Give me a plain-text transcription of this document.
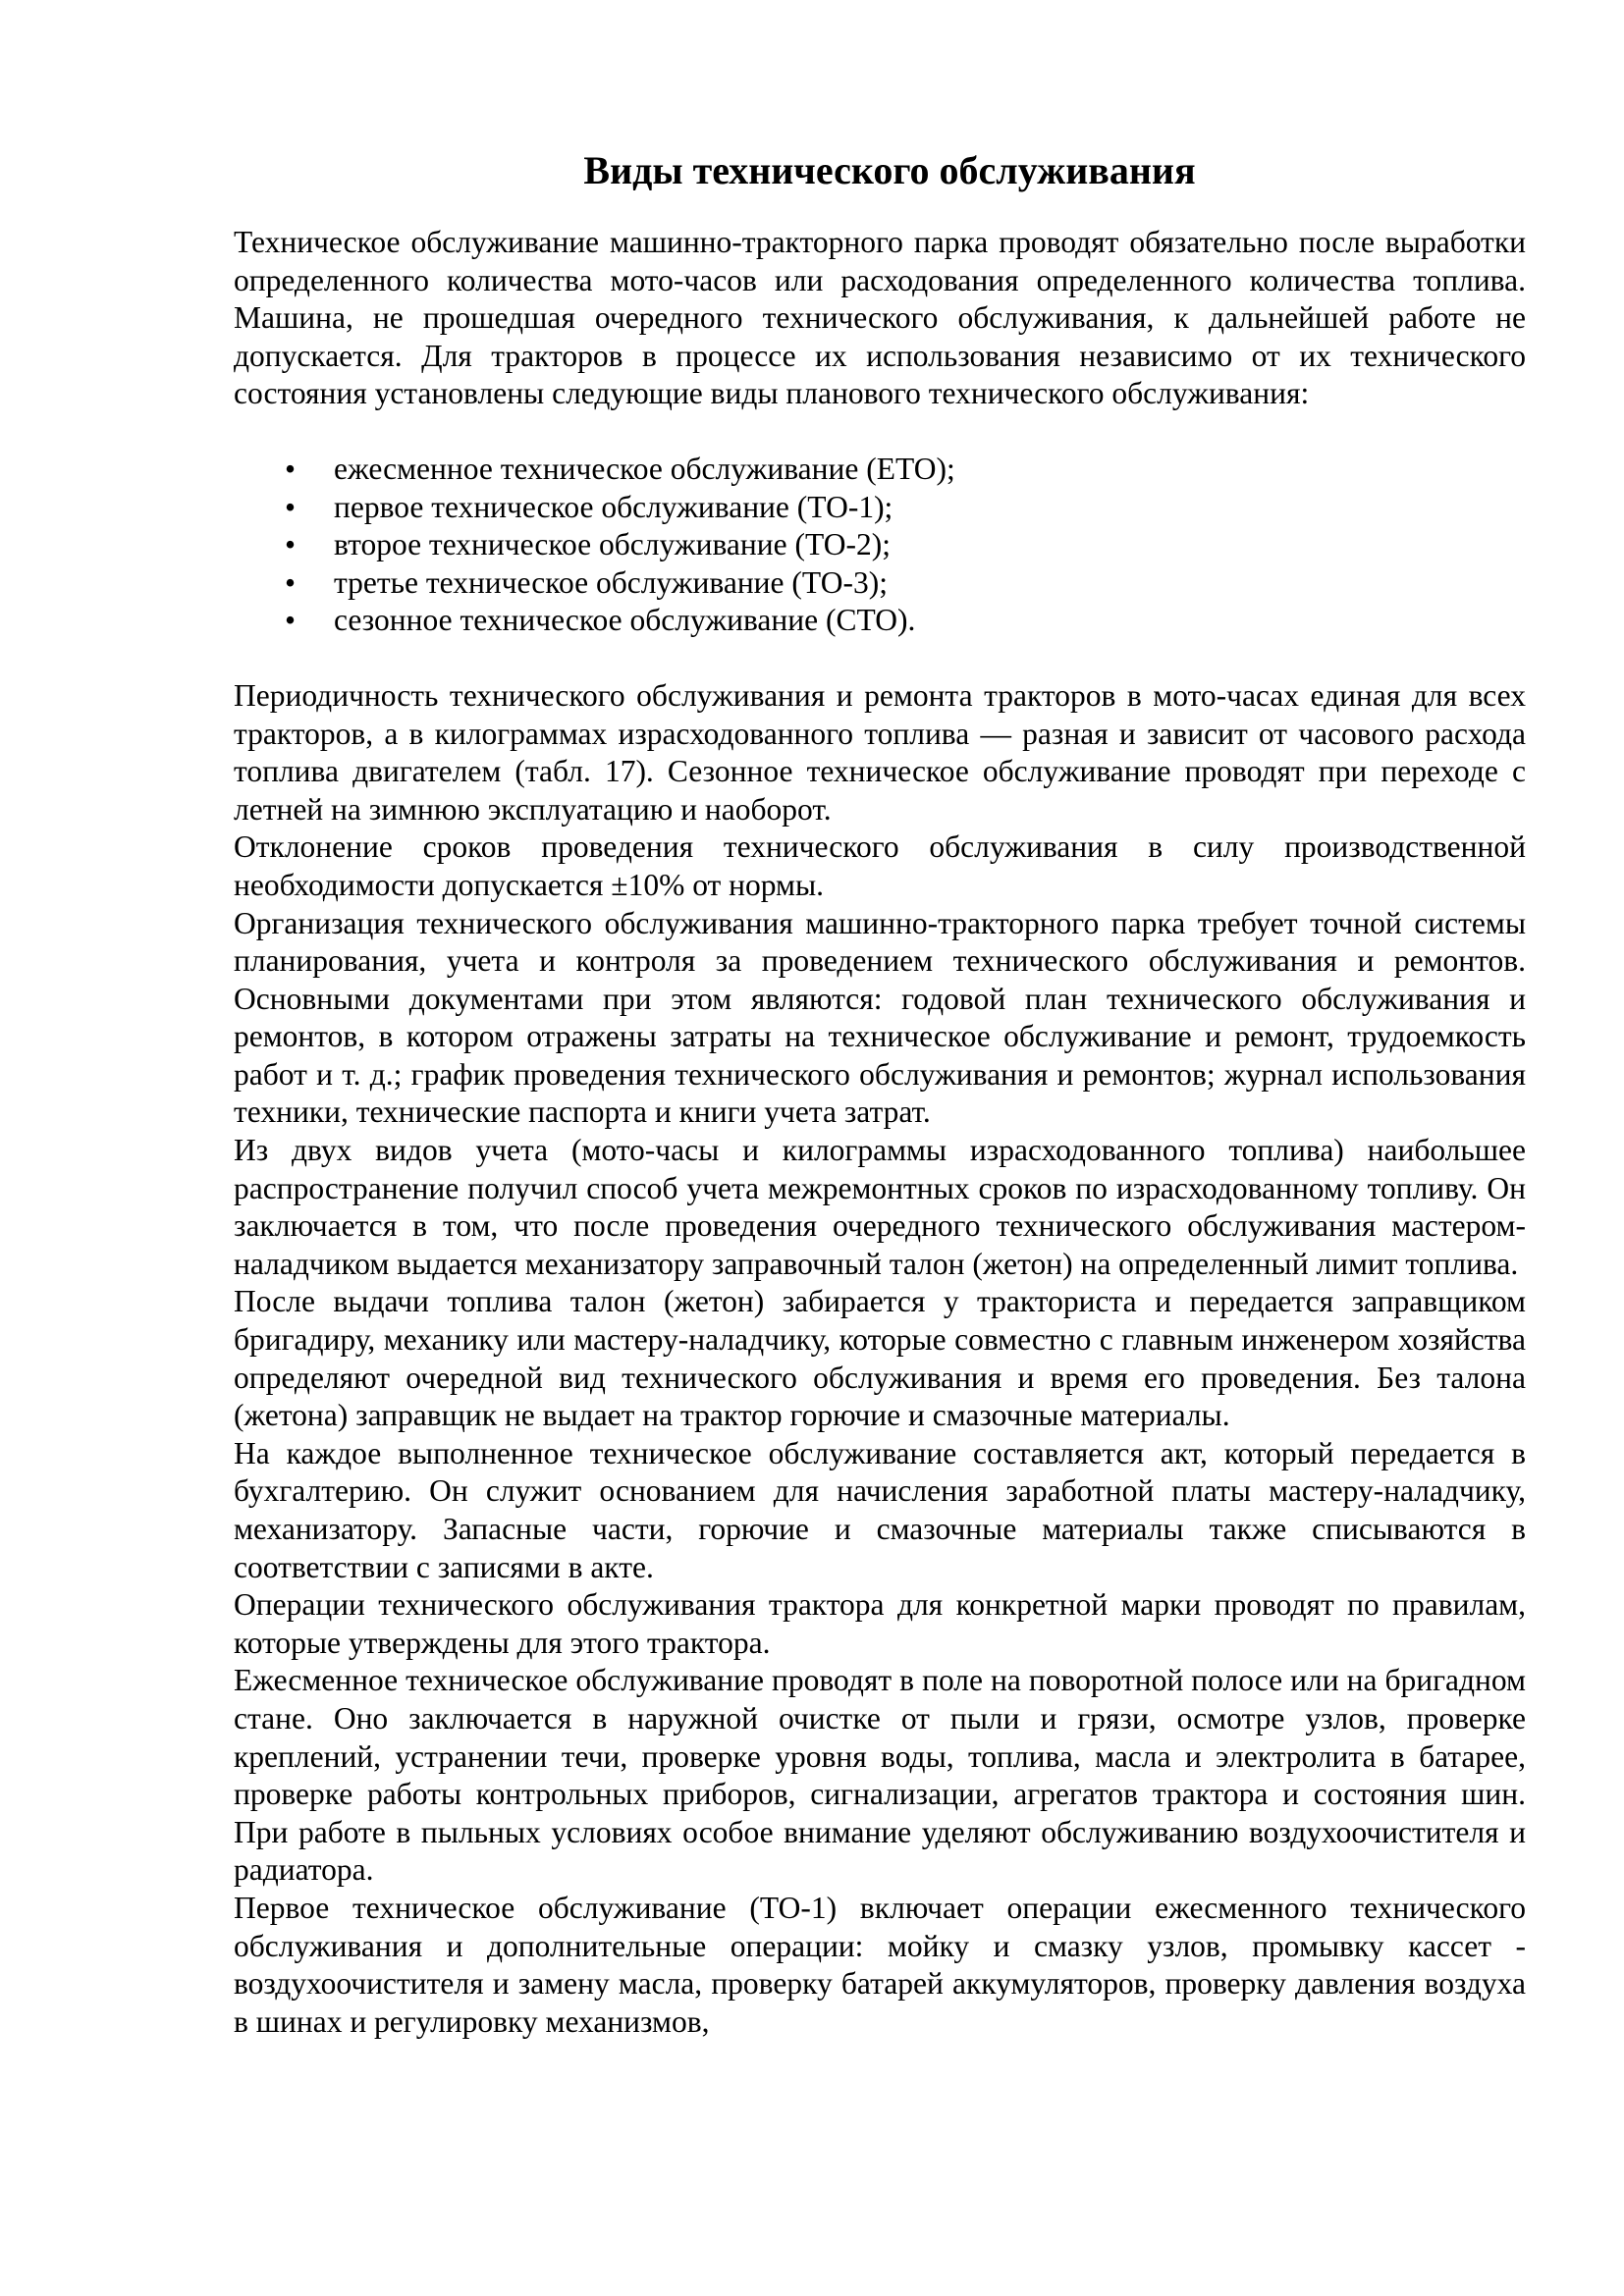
Виды технического обслуживания

Техническое обслуживание машинно-тракторного парка проводят обязательно после выработки определенного количества мото-часов или расходования определенного количества топлива. Машина, не прошедшая очередного технического обслуживания, к дальнейшей работе не допускается. Для тракторов в процессе их использования независимо от их технического состояния установлены следующие виды планового технического обслуживания:

• ежесменное техническое обслуживание (ЕТО);
• первое техническое обслуживание (ТО-1);
• второе техническое обслуживание (ТО-2);
• третье техническое обслуживание (ТО-3);
• сезонное техническое обслуживание (СТО).

Периодичность технического обслуживания и ремонта тракторов в мото-часах единая для всех тракторов, а в килограммах израсходованного топлива — разная и зависит от часового расхода топлива двигателем (табл. 17). Сезонное техническое обслуживание проводят при переходе с летней на зимнюю эксплуатацию и наоборот.

Отклонение сроков проведения технического обслуживания в силу производственной необходимости допускается ±10% от нормы.

Организация технического обслуживания машинно-тракторного парка требует точной системы планирования, учета и контроля за проведением технического обслуживания и ремонтов. Основными документами при этом являются: годовой план технического обслуживания и ремонтов, в котором отражены затраты на техническое обслуживание и ремонт, трудоемкость работ и т. д.; график проведения технического обслуживания и ремонтов; журнал использования техники, технические паспорта и книги учета затрат.

Из двух видов учета (мото-часы и килограммы израсходованного топлива) наибольшее распространение получил способ учета межремонтных сроков по израсходованному топливу. Он заключается в том, что после проведения очередного технического обслуживания мастером-наладчиком выдается механизатору заправочный талон (жетон) на определенный лимит топлива.

После выдачи топлива талон (жетон) забирается у тракториста и передается заправщиком бригадиру, механику или мастеру-наладчику, которые совместно с главным инженером хозяйства определяют очередной вид технического обслуживания и время его проведения. Без талона (жетона) заправщик не выдает на трактор горючие и смазочные материалы.

На каждое выполненное техническое обслуживание составляется акт, который передается в бухгалтерию. Он служит основанием для начисления заработной платы мастеру-наладчику, механизатору. Запасные части, горючие и смазочные материалы также списываются в соответствии с записями в акте.

Операции технического обслуживания трактора для конкретной марки проводят по правилам, которые утверждены для этого трактора.

Ежесменное техническое обслуживание проводят в поле на поворотной полосе или на бригадном стане. Оно заключается в наружной очистке от пыли и грязи, осмотре узлов, проверке креплений, устранении течи, проверке уровня воды, топлива, масла и электролита в батарее, проверке работы контрольных приборов, сигнализации, агрегатов трактора и состояния шин. При работе в пыльных условиях особое внимание уделяют обслуживанию воздухоочистителя и радиатора.

Первое техническое обслуживание (ТО-1) включает операции ежесменного технического обслуживания и дополнительные операции: мойку и смазку узлов, промывку кассет - воздухоочистителя и замену масла, проверку батарей аккумуляторов, проверку давления воздуха в шинах и регулировку механизмов,
